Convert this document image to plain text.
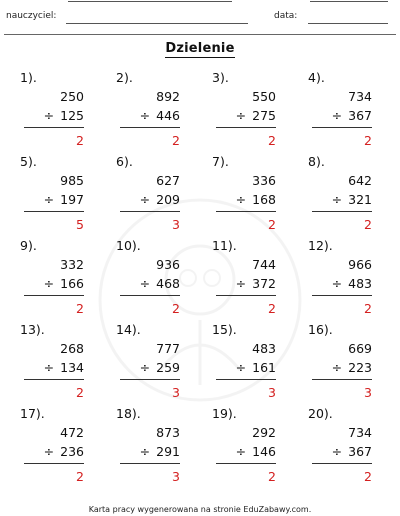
nauczyciel:	data:
Dzielenie
1).
250
÷ 125
2
2).
892
÷ 446
2
3).
550
÷ 275
2
4).
734
÷ 367
2
5).
985
÷ 197
5
6).
627
÷ 209
3
7).
336
÷ 168
2
8).
642
÷ 321
2
9).
332
÷ 166
2
10).
936
÷ 468
2
11).
744
÷ 372
2
12).
966
÷ 483
2
13).
268
÷ 134
2
14).
777
÷ 259
3
15).
483
÷ 161
3
16).
669
÷ 223
3
17).
472
÷ 236
2
18).
873
÷ 291
3
19).
292
÷ 146
2
20).
734
÷ 367
2
Karta pracy wygenerowana na stronie EduZabawy.com.
